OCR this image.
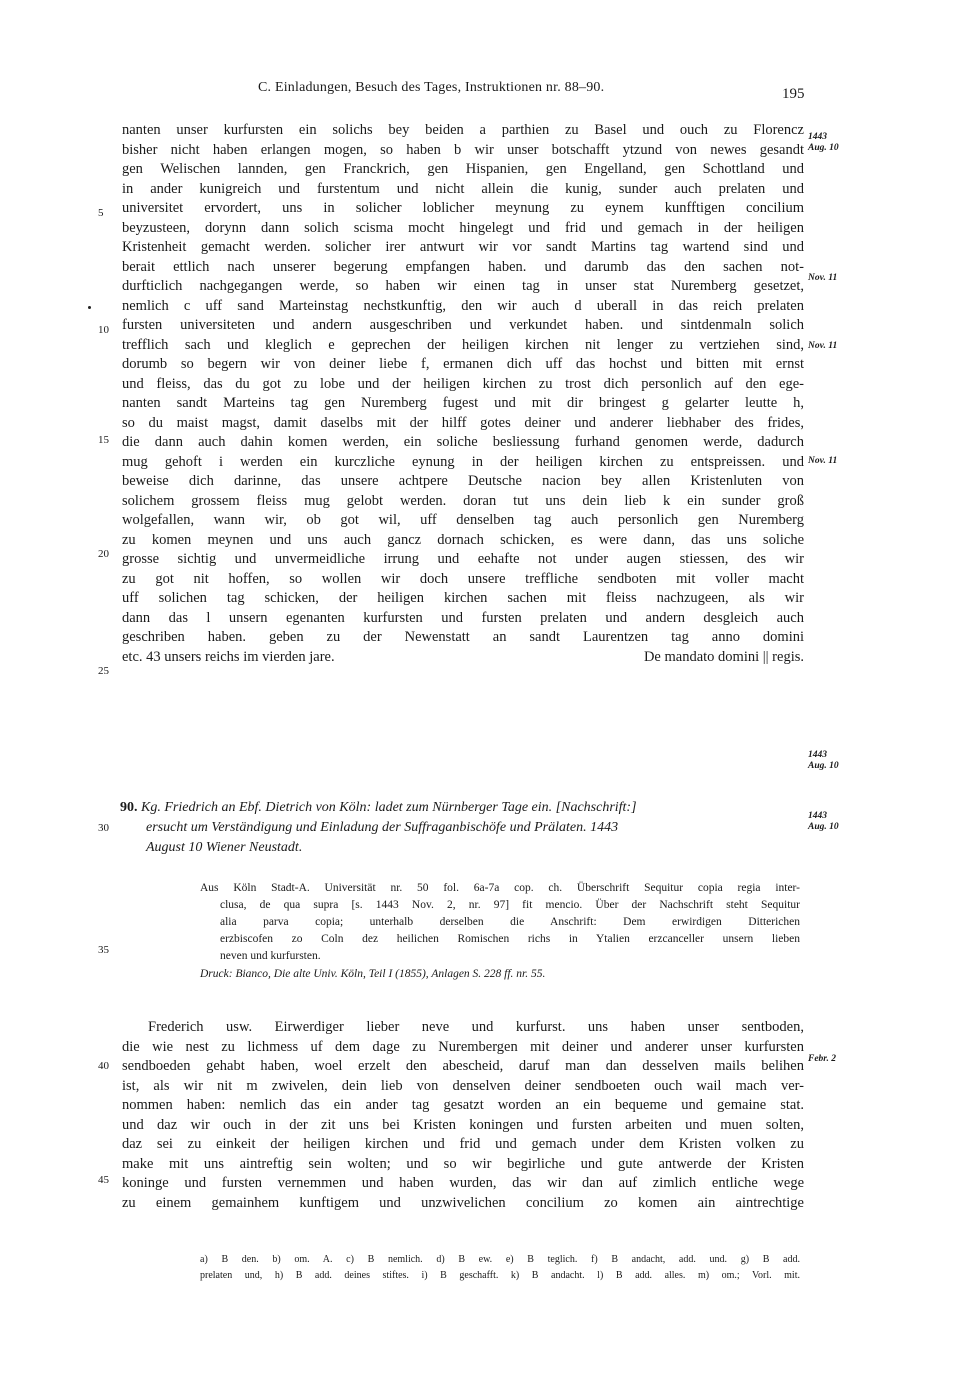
C. Einladungen, Besuch des Tages, Instruktionen nr. 88–90.	195
nanten unser kurfursten ein solichs bey beiden a parthien zu Basel und ouch zu Florencz
bisher nicht haben erlangen mogen, so haben b wir unser botschafft ytzund von newes gesandt
gen Welischen lannden, gen Franckrich, gen Hispanien, gen Engelland, gen Schottland und
in ander kunigreich und furstentum und nicht allein die kunig, sunder auch prelaten und
universitet ervordert, uns in solicher loblicher meynung zu eynem kunfftigen concilium
beyzusteen, dorynn dann solich scisma mocht hingelegt und frid und gemach in der heiligen
Kristenheit gemacht werden. solicher irer antwurt wir vor sandt Martins tag wartend sind und
berait ettlich nach unserer begerung empfangen haben. und darumb das den sachen not-
durfticlich nachgegangen werde, so haben wir einen tag in unser stat Nuremberg gesetzet,
nemlich c uff sand Marteinstag nechstkunftig, den wir auch d uberall in das reich prelaten
fursten universiteten und andern ausgeschriben und verkundet haben. und sintdenmaln solich
trefflich sach und kleglich e geprechen der heiligen kirchen nit lenger zu vertziehen sind,
dorumb so begern wir von deiner liebe f, ermanen dich uff das hochst und bitten mit ernst
und fleiss, das du got zu lobe und der heiligen kirchen zu trost dich personlich auf den ege-
nanten sandt Marteins tag gen Nuremberg fugest und mit dir bringest g gelarter leutte h,
so du maist magst, damit daselbs mit der hilff gotes deiner und anderer liebhaber des frides,
die dann auch dahin komen werden, ein soliche besliessung furhand genomen werde, dadurch
mug gehoft i werden ein kurczliche eynung in der heiligen kirchen zu entspreissen. und
beweise dich darinne, das unsere achtpere Deutsche nacion bey allen Kristenluten von
solichem grossem fleiss mug gelobt werden. doran tut uns dein lieb k ein sunder groß
wolgefallen, wann wir, ob got wil, uff denselben tag auch personlich gen Nuremberg
zu komen meynen und uns auch gancz dornach schicken, es were dann, das uns soliche
grosse sichtig und unvermeidliche irrung und eehafte not under augen stiessen, des wir
zu got nit hoffen, so wollen wir doch unsere treffliche sendboten mit voller macht
uff solichen tag schicken, der heiligen kirchen sachen mit fleiss nachzugeen, als wir
dann das l unsern egenanten kurfursten und fursten prelaten und andern desgleich auch
geschriben haben. geben zu der Newenstatt an sandt Laurentzen tag anno domini
etc. 43 unsers reichs im vierden jare.	De mandato domini || regis.
5
10
15
20
25
30
35
40
45
1443
Aug. 10
Nov. 11
Nov. 11
Nov. 11
1443
Aug. 10
1443
Aug. 10
Febr. 2
90. Kg. Friedrich an Ebf. Dietrich von Köln: ladet zum Nürnberger Tage ein. [Nachschrift:]
ersucht um Verständigung und Einladung der Suffraganbischöfe und Prälaten. 1443
August 10 Wiener Neustadt.
Aus Köln Stadt-A. Universität nr. 50 fol. 6a-7a cop. ch. Überschrift Sequitur copia regia inter-
clusa, de qua supra [s. 1443 Nov. 2, nr. 97] fit mencio. Über der Nachschrift steht Sequitur
alia parva copia; unterhalb derselben die Anschrift: Dem erwirdigen Ditterichen
erzbiscofen zo Coln dez heilichen Romischen richs in Ytalien erzcanceller unsern lieben
neven und kurfursten.
Druck: Bianco, Die alte Univ. Köln, Teil I (1855), Anlagen S. 228 ff. nr. 55.
Frederich usw. Eirwerdiger lieber neve und kurfurst. uns haben unser sentboden,
die wie nest zu lichmess uf dem dage zu Nurembergen mit deiner und anderer unser kurfursten
sendboeden gehabt haben, woel erzelt den abescheid, daruf man dan desselven mails belihen
ist, als wir nit m zwivelen, dein lieb von denselven deiner sendboeten ouch wail mach ver-
nommen haben: nemlich das ein ander tag gesatzt worden an ein bequeme und gemaine stat.
und daz wir ouch in der zit uns bei Kristen koningen und fursten arbeiten und muen solten,
daz sei zu einkeit der heiligen kirchen und frid und gemach under dem Kristen volken zu
make mit uns aintreftig sein wolten; und so wir begirliche und gute antwerde der Kristen
koninge und fursten vernemmen und haben wurden, das wir dan auf zimlich entliche wege
zu einem gemainhem kunftigem und unzwivelichen concilium zo komen ain aintrechtige
a) B den. b) om. A. c) B nemlich. d) B ew. e) B teglich. f) B andacht, add. und. g) B add.
prelaten und, h) B add. deines stiftes. i) B geschafft. k) B andacht. l) B add. alles. m) om.; Vorl. mit.
